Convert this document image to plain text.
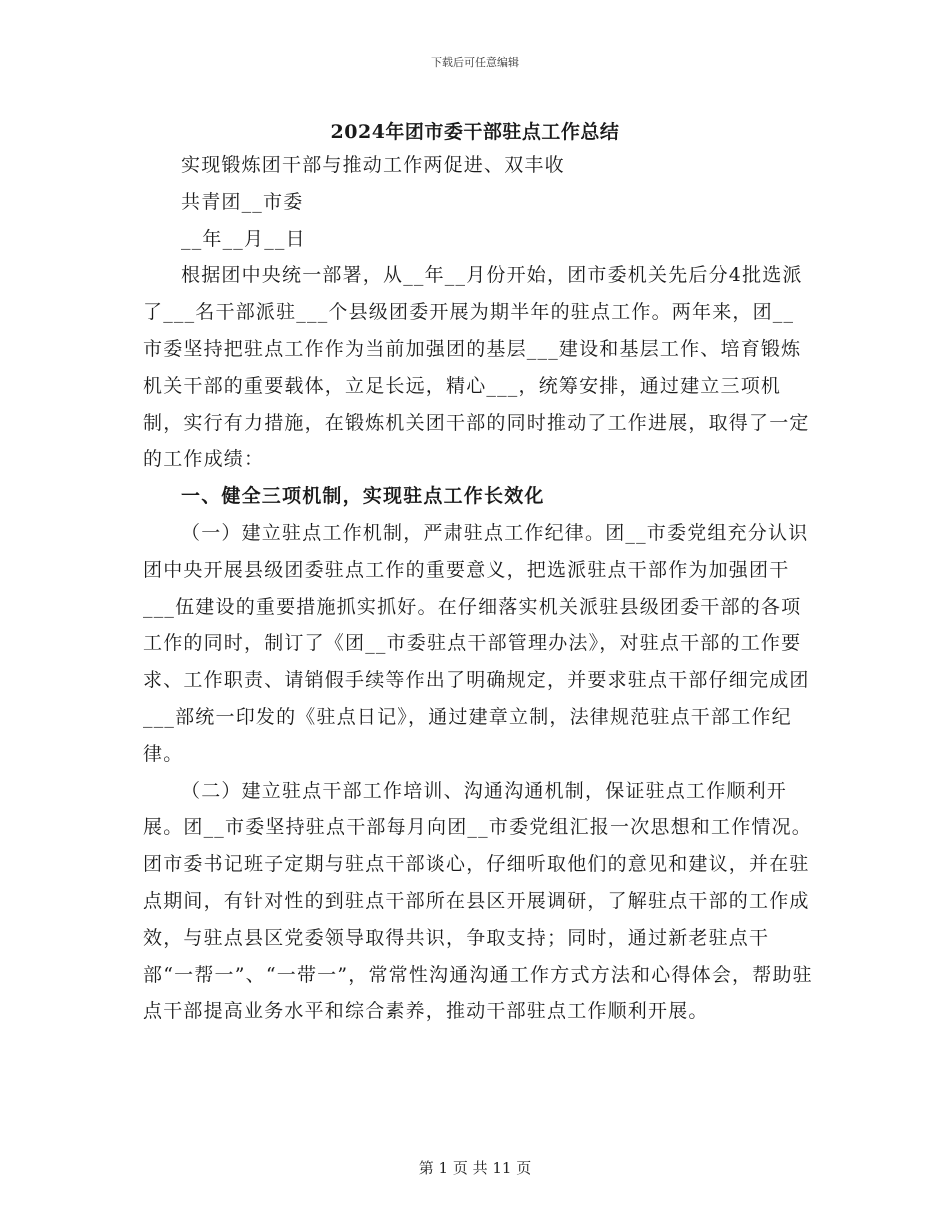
下载后可任意编辑
2024年团市委干部驻点工作总结

实现锻炼团干部与推动工作两促进、双丰收

共青团__市委

__年__月__日

根据团中央统一部署，从__年__月份开始，团市委机关先后分4批选派了___名干部派驻___个县级团委开展为期半年的驻点工作。两年来，团__市委坚持把驻点工作作为当前加强团的基层___建设和基层工作、培育锻炼机关干部的重要载体，立足长远，精心___，统筹安排，通过建立三项机制，实行有力措施，在锻炼机关团干部的同时推动了工作进展，取得了一定的工作成绩：

一、健全三项机制，实现驻点工作长效化

（一）建立驻点工作机制，严肃驻点工作纪律。团__市委党组充分认识团中央开展县级团委驻点工作的重要意义，把选派驻点干部作为加强团干___伍建设的重要措施抓实抓好。在仔细落实机关派驻县级团委干部的各项工作的同时，制订了《团__市委驻点干部管理办法》，对驻点干部的工作要求、工作职责、请销假手续等作出了明确规定，并要求驻点干部仔细完成团___部统一印发的《驻点日记》，通过建章立制，法律规范驻点干部工作纪律。

（二）建立驻点干部工作培训、沟通沟通机制，保证驻点工作顺利开展。团__市委坚持驻点干部每月向团__市委党组汇报一次思想和工作情况。团市委书记班子定期与驻点干部谈心，仔细听取他们的意见和建议，并在驻点期间，有针对性的到驻点干部所在县区开展调研，了解驻点干部的工作成效，与驻点县区党委领导取得共识，争取支持；同时，通过新老驻点干部“一帮一”、“一带一”，常常性沟通沟通工作方式方法和心得体会，帮助驻点干部提高业务水平和综合素养，推动干部驻点工作顺利开展。

第 1 页 共 11 页
